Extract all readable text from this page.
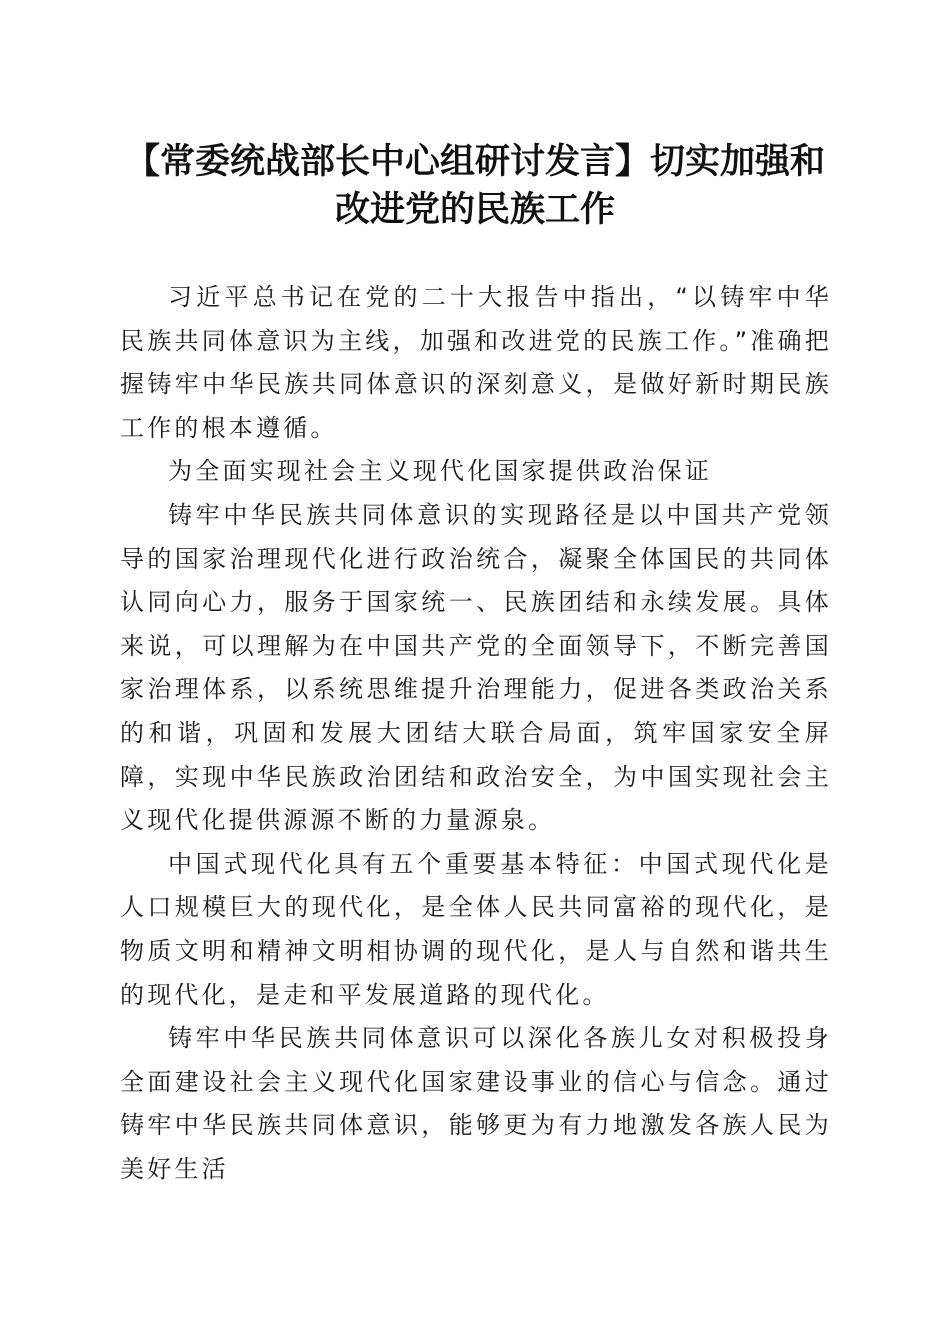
【常委统战部长中心组研讨发言】切实加强和
改进党的民族工作

习近平总书记在党的二十大报告中指出，“以铸牢中华民族共同体意识为主线，加强和改进党的民族工作。”准确把握铸牢中华民族共同体意识的深刻意义，是做好新时期民族工作的根本遵循。

为全面实现社会主义现代化国家提供政治保证

铸牢中华民族共同体意识的实现路径是以中国共产党领导的国家治理现代化进行政治统合，凝聚全体国民的共同体认同向心力，服务于国家统一、民族团结和永续发展。具体来说，可以理解为在中国共产党的全面领导下，不断完善国家治理体系，以系统思维提升治理能力，促进各类政治关系的和谐，巩固和发展大团结大联合局面，筑牢国家安全屏障，实现中华民族政治团结和政治安全，为中国实现社会主义现代化提供源源不断的力量源泉。

中国式现代化具有五个重要基本特征：中国式现代化是人口规模巨大的现代化，是全体人民共同富裕的现代化，是物质文明和精神文明相协调的现代化，是人与自然和谐共生的现代化，是走和平发展道路的现代化。

铸牢中华民族共同体意识可以深化各族儿女对积极投身全面建设社会主义现代化国家建设事业的信心与信念。通过铸牢中华民族共同体意识，能够更为有力地激发各族人民为美好生活
